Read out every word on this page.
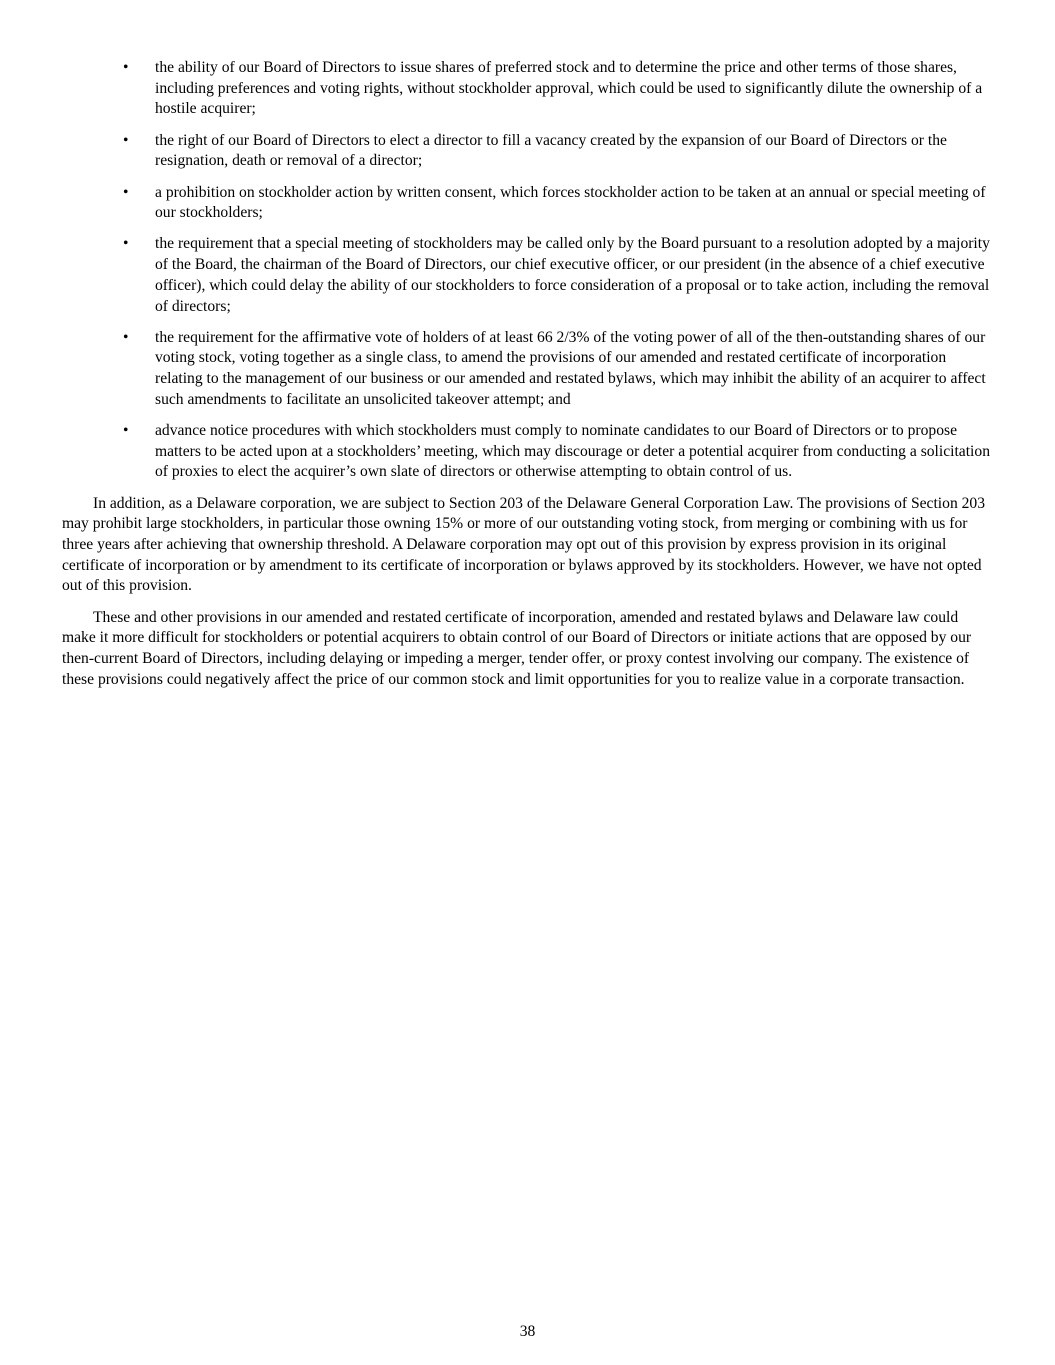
• the ability of our Board of Directors to issue shares of preferred stock and to determine the price and other terms of those shares, including preferences and voting rights, without stockholder approval, which could be used to significantly dilute the ownership of a hostile acquirer;
• the right of our Board of Directors to elect a director to fill a vacancy created by the expansion of our Board of Directors or the resignation, death or removal of a director;
• a prohibition on stockholder action by written consent, which forces stockholder action to be taken at an annual or special meeting of our stockholders;
• the requirement that a special meeting of stockholders may be called only by the Board pursuant to a resolution adopted by a majority of the Board, the chairman of the Board of Directors, our chief executive officer, or our president (in the absence of a chief executive officer), which could delay the ability of our stockholders to force consideration of a proposal or to take action, including the removal of directors;
• the requirement for the affirmative vote of holders of at least 66 2/3% of the voting power of all of the then-outstanding shares of our voting stock, voting together as a single class, to amend the provisions of our amended and restated certificate of incorporation relating to the management of our business or our amended and restated bylaws, which may inhibit the ability of an acquirer to affect such amendments to facilitate an unsolicited takeover attempt; and
• advance notice procedures with which stockholders must comply to nominate candidates to our Board of Directors or to propose matters to be acted upon at a stockholders’ meeting, which may discourage or deter a potential acquirer from conducting a solicitation of proxies to elect the acquirer’s own slate of directors or otherwise attempting to obtain control of us.

In addition, as a Delaware corporation, we are subject to Section 203 of the Delaware General Corporation Law. The provisions of Section 203 may prohibit large stockholders, in particular those owning 15% or more of our outstanding voting stock, from merging or combining with us for three years after achieving that ownership threshold. A Delaware corporation may opt out of this provision by express provision in its original certificate of incorporation or by amendment to its certificate of incorporation or bylaws approved by its stockholders. However, we have not opted out of this provision.

These and other provisions in our amended and restated certificate of incorporation, amended and restated bylaws and Delaware law could make it more difficult for stockholders or potential acquirers to obtain control of our Board of Directors or initiate actions that are opposed by our then-current Board of Directors, including delaying or impeding a merger, tender offer, or proxy contest involving our company. The existence of these provisions could negatively affect the price of our common stock and limit opportunities for you to realize value in a corporate transaction.

38
